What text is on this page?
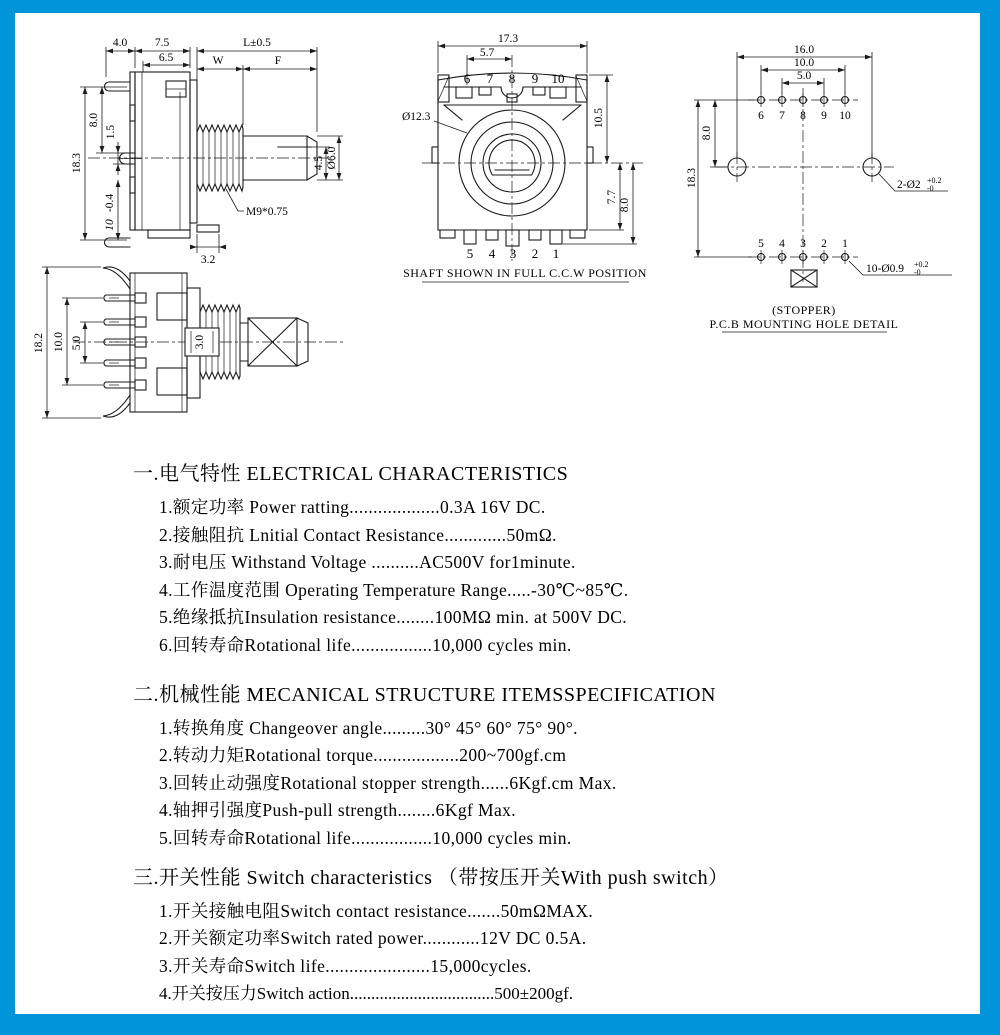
4.0 7.5	L±0.5
6.5	W	F
18.3
8.0
1.5
10
-0.4
3.2
M9*0.75
4.5 Ø6.0
6 7 8 9 10
5 4 3 2 1
17.3
5.7
Ø12.3	10.5
7.7
8.0
SHAFT SHOWN IN FULL C.C.W POSITION
16.0
10.0
5.0
8.0
18.3
6 7 8 9 10
5 4 3 2 1
2-Ø2 +0.2
-0
10-Ø0.9 +0.2
-0
(STOPPER)
P.C.B MOUNTING HOLE DETAIL
18.2 10.0 5.0	3.0
一.电气特性 ELECTRICAL CHARACTERISTICS

1.额定功率 Power ratting...................0.3A 16V DC.

2.接触阻抗 Lnitial Contact Resistance.............50mΩ.

3.耐电压 Withstand Voltage ..........AC500V for1minute.

4.工作温度范围 Operating Temperature Range.....-30℃~85℃.

5.绝缘抵抗Insulation resistance........100MΩ min. at 500V DC.

6.回转寿命Rotational life.................10,000 cycles min.

二.机械性能 MECANICAL STRUCTURE ITEMSSPECIFICATION

1.转换角度 Changeover angle.........30° 45° 60° 75° 90°.

2.转动力矩Rotational torque..................200~700gf.cm

3.回转止动强度Rotational stopper strength......6Kgf.cm Max.

4.轴押引强度Push-pull strength........6Kgf Max.

5.回转寿命Rotational life.................10,000 cycles min.

三.开关性能 Switch characteristics （带按压开关With push switch）

1.开关接触电阻Switch contact resistance.......50mΩMAX.

2.开关额定功率Switch rated power............12V DC 0.5A.

3.开关寿命Switch life......................15,000cycles.

4.开关按压力Switch action..................................500±200gf.
